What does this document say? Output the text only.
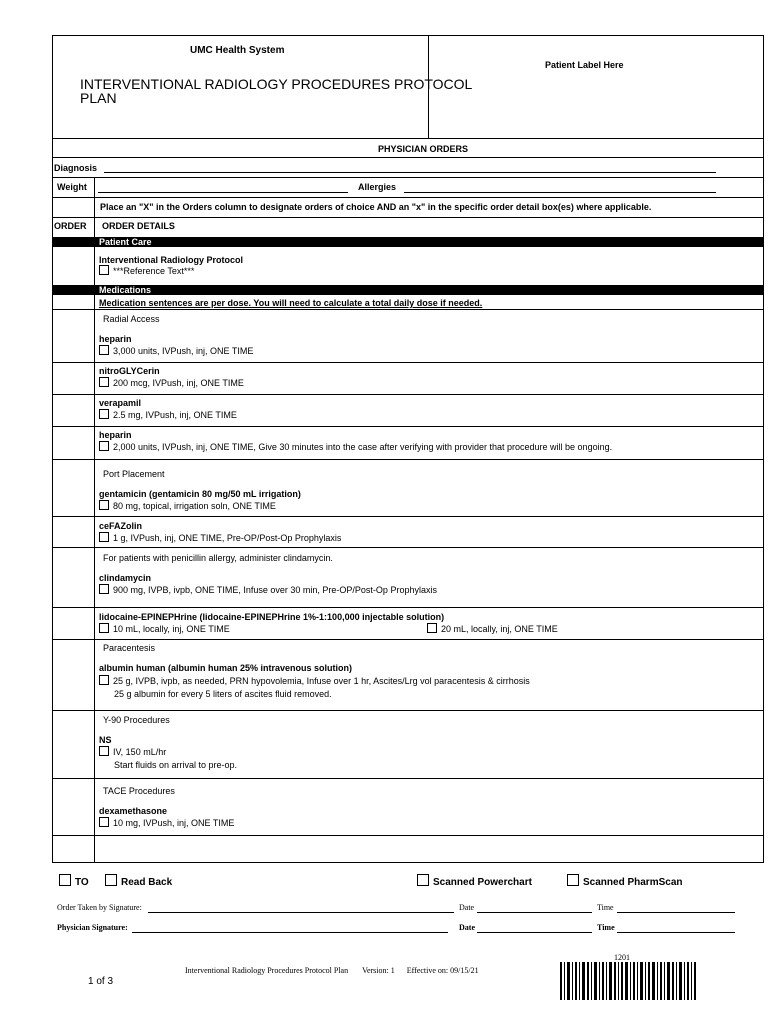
UMC Health System
INTERVENTIONAL RADIOLOGY PROCEDURES PROTOCOL
PLAN
Patient Label Here
PHYSICIAN ORDERS
Diagnosis
Weight	Allergies
Place an "X" in the Orders column to designate orders of choice AND an "x" in the specific order detail box(es) where applicable.
ORDER ORDER DETAILS
Patient Care
Interventional Radiology Protocol
***Reference Text***
Medications
Medication sentences are per dose. You will need to calculate a total daily dose if needed.
Radial Access
heparin
3,000 units, IVPush, inj, ONE TIME
nitroGLYCerin
200 mcg, IVPush, inj, ONE TIME
verapamil
2.5 mg, IVPush, inj, ONE TIME
heparin
2,000 units, IVPush, inj, ONE TIME, Give 30 minutes into the case after verifying with provider that procedure will be ongoing.
Port Placement
gentamicin (gentamicin 80 mg/50 mL irrigation)
80 mg, topical, irrigation soln, ONE TIME
ceFAZolin
1 g, IVPush, inj, ONE TIME, Pre-OP/Post-Op Prophylaxis
For patients with penicillin allergy, administer clindamycin.
clindamycin
900 mg, IVPB, ivpb, ONE TIME, Infuse over 30 min, Pre-OP/Post-Op Prophylaxis
lidocaine-EPINEPHrine (lidocaine-EPINEPHrine 1%-1:100,000 injectable solution)
10 mL, locally, inj, ONE TIME	20 mL, locally, inj, ONE TIME
Paracentesis
albumin human (albumin human 25% intravenous solution)
25 g, IVPB, ivpb, as needed, PRN hypovolemia, Infuse over 1 hr, Ascites/Lrg vol paracentesis & cirrhosis
25 g albumin for every 5 liters of ascites fluid removed.
Y-90 Procedures
NS
IV, 150 mL/hr
Start fluids on arrival to pre-op.
TACE Procedures
dexamethasone
10 mg, IVPush, inj, ONE TIME
TO	Read Back	Scanned Powerchart	Scanned PharmScan
Order Taken by Signature:	Date	Time
Physician Signature:	Date	Time
Interventional Radiology Procedures Protocol Plan Version: 1 Effective on: 09/15/21
1 of 3
1201
